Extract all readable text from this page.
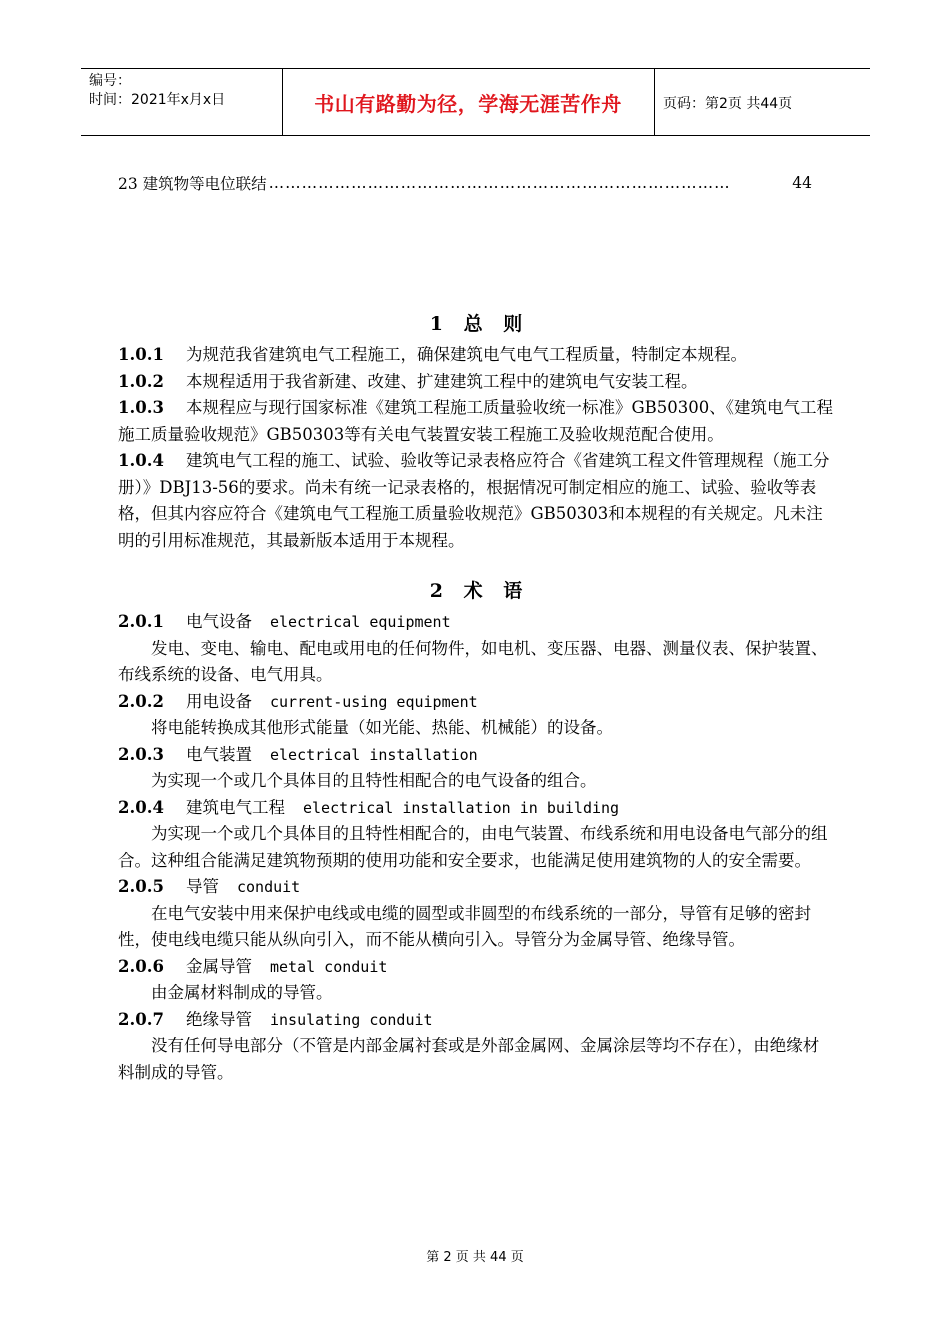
编号：
时间：2021年x月x日	书山有路勤为径，学海无涯苦作舟	页码：第2页 共44页
23 建筑物等电位联结 …………………………………………………………………………	44
1 总 则

1.0.1 为规范我省建筑电气工程施工，确保建筑电气电气工程质量，特制定本规程。

1.0.2 本规程适用于我省新建、改建、扩建建筑工程中的建筑电气安装工程。

1.0.3 本规程应与现行国家标准《建筑工程施工质量验收统一标准》GB50300、《建筑电气工程施工质量验收规范》GB50303等有关电气装置安装工程施工及验收规范配合使用。

1.0.4 建筑电气工程的施工、试验、验收等记录表格应符合《省建筑工程文件管理规程（施工分册）》DBJ13-56的要求。尚未有统一记录表格的，根据情况可制定相应的施工、试验、验收等表格，但其内容应符合《建筑电气工程施工质量验收规范》GB50303和本规程的有关规定。凡未注明的引用标准规范，其最新版本适用于本规程。

2 术 语

2.0.1 电气设备 electrical equipment

发电、变电、输电、配电或用电的任何物件，如电机、变压器、电器、测量仪表、保护装置、布线系统的设备、电气用具。

2.0.2 用电设备 current-using equipment

将电能转换成其他形式能量（如光能、热能、机械能）的设备。

2.0.3 电气装置 electrical installation

为实现一个或几个具体目的且特性相配合的电气设备的组合。

2.0.4 建筑电气工程 electrical installation in building

为实现一个或几个具体目的且特性相配合的，由电气装置、布线系统和用电设备电气部分的组合。这种组合能满足建筑物预期的使用功能和安全要求，也能满足使用建筑物的人的安全需要。

2.0.5 导管 conduit

在电气安装中用来保护电线或电缆的圆型或非圆型的布线系统的一部分，导管有足够的密封性，使电线电缆只能从纵向引入，而不能从横向引入。导管分为金属导管、绝缘导管。

2.0.6 金属导管 metal conduit

由金属材料制成的导管。

2.0.7 绝缘导管 insulating conduit

没有任何导电部分（不管是内部金属衬套或是外部金属网、金属涂层等均不存在），由绝缘材料制成的导管。

第 2 页 共 44 页
